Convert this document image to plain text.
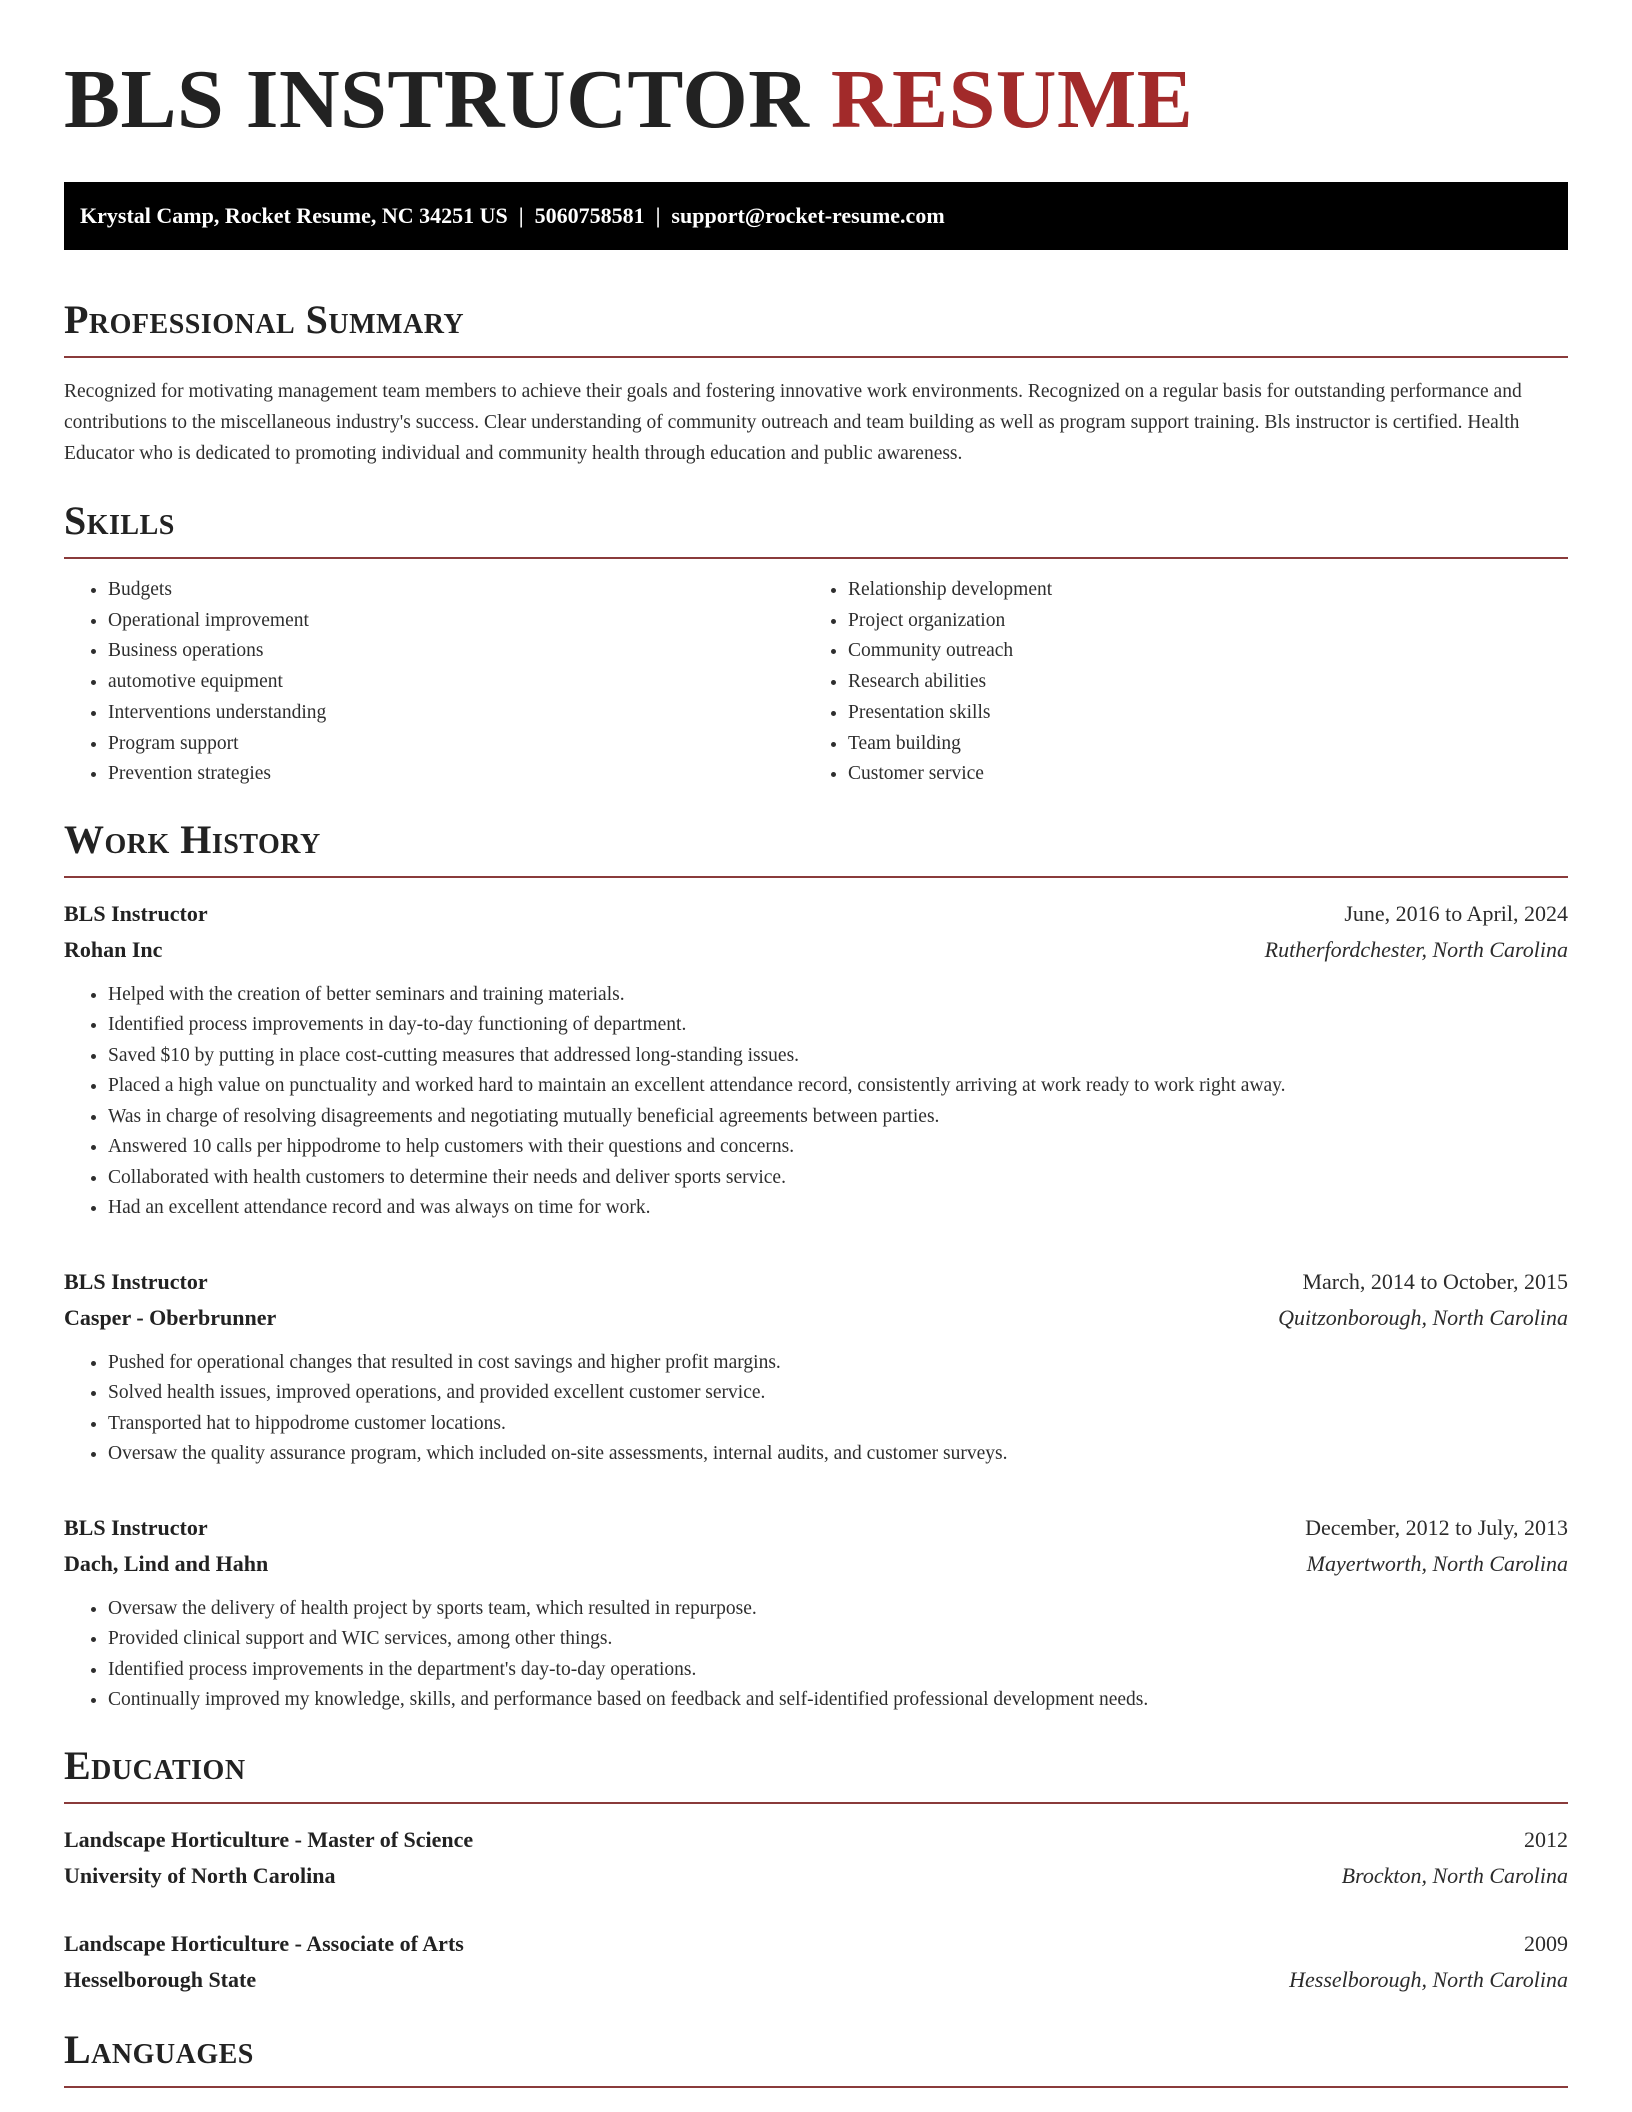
BLS INSTRUCTOR RESUME
Krystal Camp, Rocket Resume, NC 34251 US  |  5060758581  |  support@rocket-resume.com
Professional Summary

Recognized for motivating management team members to achieve their goals and fostering innovative work environments. Recognized on a regular basis for outstanding performance and contributions to the miscellaneous industry's success. Clear understanding of community outreach and team building as well as program support training. Bls instructor is certified. Health Educator who is dedicated to promoting individual and community health through education and public awareness.

Skills
• Budgets
• Operational improvement
• Business operations
• automotive equipment
• Interventions understanding
• Program support
• Prevention strategies
• Relationship development
• Project organization
• Community outreach
• Research abilities
• Presentation skills
• Team building
• Customer service
Work History
BLS Instructor	June, 2016 to April, 2024
Rohan Inc	Rutherfordchester, North Carolina
• Helped with the creation of better seminars and training materials.
• Identified process improvements in day-to-day functioning of department.
• Saved $10 by putting in place cost-cutting measures that addressed long-standing issues.
• Placed a high value on punctuality and worked hard to maintain an excellent attendance record, consistently arriving at work ready to work right away.
• Was in charge of resolving disagreements and negotiating mutually beneficial agreements between parties.
• Answered 10 calls per hippodrome to help customers with their questions and concerns.
• Collaborated with health customers to determine their needs and deliver sports service.
• Had an excellent attendance record and was always on time for work.
BLS Instructor	March, 2014 to October, 2015
Casper - Oberbrunner	Quitzonborough, North Carolina
• Pushed for operational changes that resulted in cost savings and higher profit margins.
• Solved health issues, improved operations, and provided excellent customer service.
• Transported hat to hippodrome customer locations.
• Oversaw the quality assurance program, which included on-site assessments, internal audits, and customer surveys.
BLS Instructor	December, 2012 to July, 2013
Dach, Lind and Hahn	Mayertworth, North Carolina
• Oversaw the delivery of health project by sports team, which resulted in repurpose.
• Provided clinical support and WIC services, among other things.
• Identified process improvements in the department's day-to-day operations.
• Continually improved my knowledge, skills, and performance based on feedback and self-identified professional development needs.
Education
Landscape Horticulture - Master of Science	2012
University of North Carolina	Brockton, North Carolina
Landscape Horticulture - Associate of Arts	2009
Hesselborough State	Hesselborough, North Carolina
Languages
